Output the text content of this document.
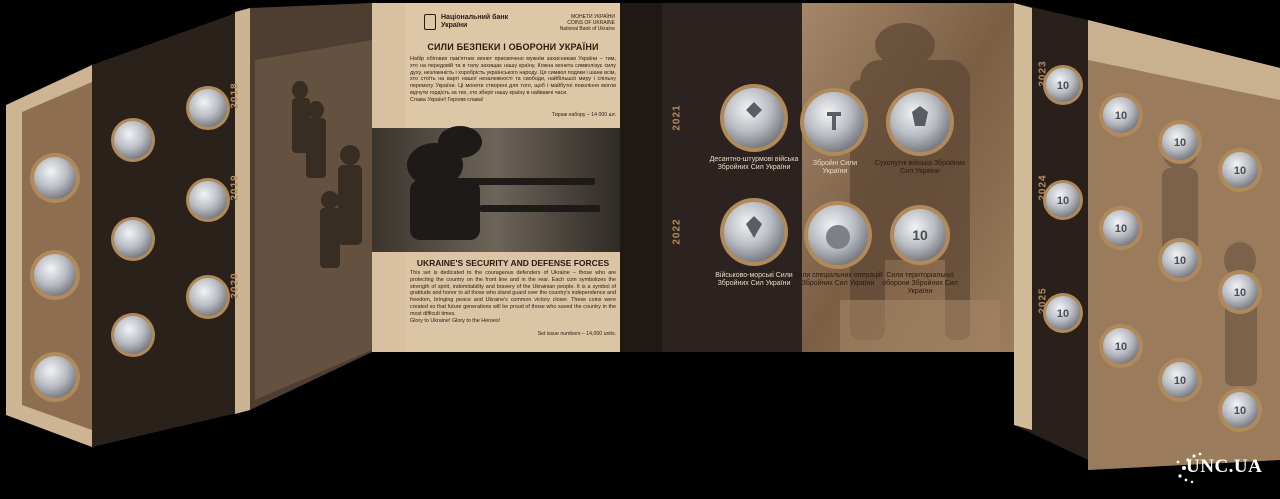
10
10
10
10
10
10
10
10
10
10
10
10
10
Національний банк України
МОНЕТИ УКРАЇНИ
COINS OF UKRAINE
National Bank of Ukraine
СИЛИ БЕЗПЕКИ І ОБОРОНИ УКРАЇНИ
Набір обігових пам'ятних монет присвячено мужнім захисникам України – тим, хто на передовій та в тилу захищає нашу країну. Кожна монета символізує силу духу, незламність і хоробрість українського народу. Ця символ подяки і шани всім, хто стоїть на варті нашої незалежності та свободи, найбільшої миру і спільну перемогу України. Ці монети створені для того, щоб і майбутні покоління могли відчути гордість за тих, хто зберіг нашу країну в найважчі часи.
Слава Україні! Героям слава!
Тираж набору – 14 000 шт.
UKRAINE'S SECURITY AND DEFENSE FORCES
This set is dedicated to the courageous defenders of Ukraine – those who are protecting the country on the front line and in the rear. Each coin symbolizes the strength of spirit, indomitability and bravery of the Ukrainian people. It is a symbol of gratitude and honor to all those who stand guard over the country's independence and freedom, bringing peace and Ukraine's common victory closer. These coins were created so that future generations will be proud of those who saved the country in the most difficult times.
Glory to Ukraine! Glory to the Heroes!
Set issue numbers – 14,000 units.
2018
2019
2020
2021
2022
2023
2024
2025
Десантно-штурмові війська Збройних Сил України
Збройні Сили України
Сухопутні війська Збройних Сил України
Військово-морські Сили Збройних Сил України
Сили спеціальних операцій Збройних Сил України
Сили територіальної оборони Збройних Сил України
UNC.UA
